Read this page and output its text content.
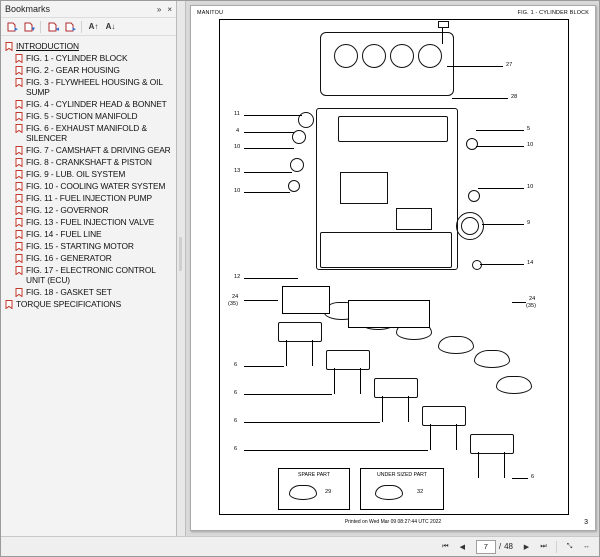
Bookmarks	» ×
▸ ▾	◂ ▸	A↑ A↓
INTRODUCTION
FIG. 1 - CYLINDER BLOCK
FIG. 2 - GEAR HOUSING
FIG. 3 - FLYWHEEL HOUSING & OIL SUMP
FIG. 4 - CYLINDER HEAD & BONNET
FIG. 5 - SUCTION MANIFOLD
FIG. 6 - EXHAUST MANIFOLD & SILENCER
FIG. 7 - CAMSHAFT & DRIVING GEAR
FIG. 8 - CRANKSHAFT & PISTON
FIG. 9 - LUB. OIL SYSTEM
FIG. 10 - COOLING WATER SYSTEM
FIG. 11 - FUEL INJECTION PUMP
FIG. 12 - GOVERNOR
FIG. 13 - FUEL INJECTION VALVE
FIG. 14 - FUEL LINE
FIG. 15 - STARTING MOTOR
FIG. 16 - GENERATOR
FIG. 17 - ELECTRONIC CONTROL UNIT (ECU)
FIG. 18 - GASKET SET
TORQUE SPECIFICATIONS
MANITOU	FIG. 1 - CYLINDER BLOCK
SPARE PART
29
UNDER SIZED PART
32
11
4
10
13
10
12
24
(35)
6
6
6
6
27
28
5
10
10
9
14
24
(35)
6
Printed on Wed Mar 09 08:27:44 UTC 2022	3
⏮	◀	7	/ 48	▶	⏭	⤡	↔
